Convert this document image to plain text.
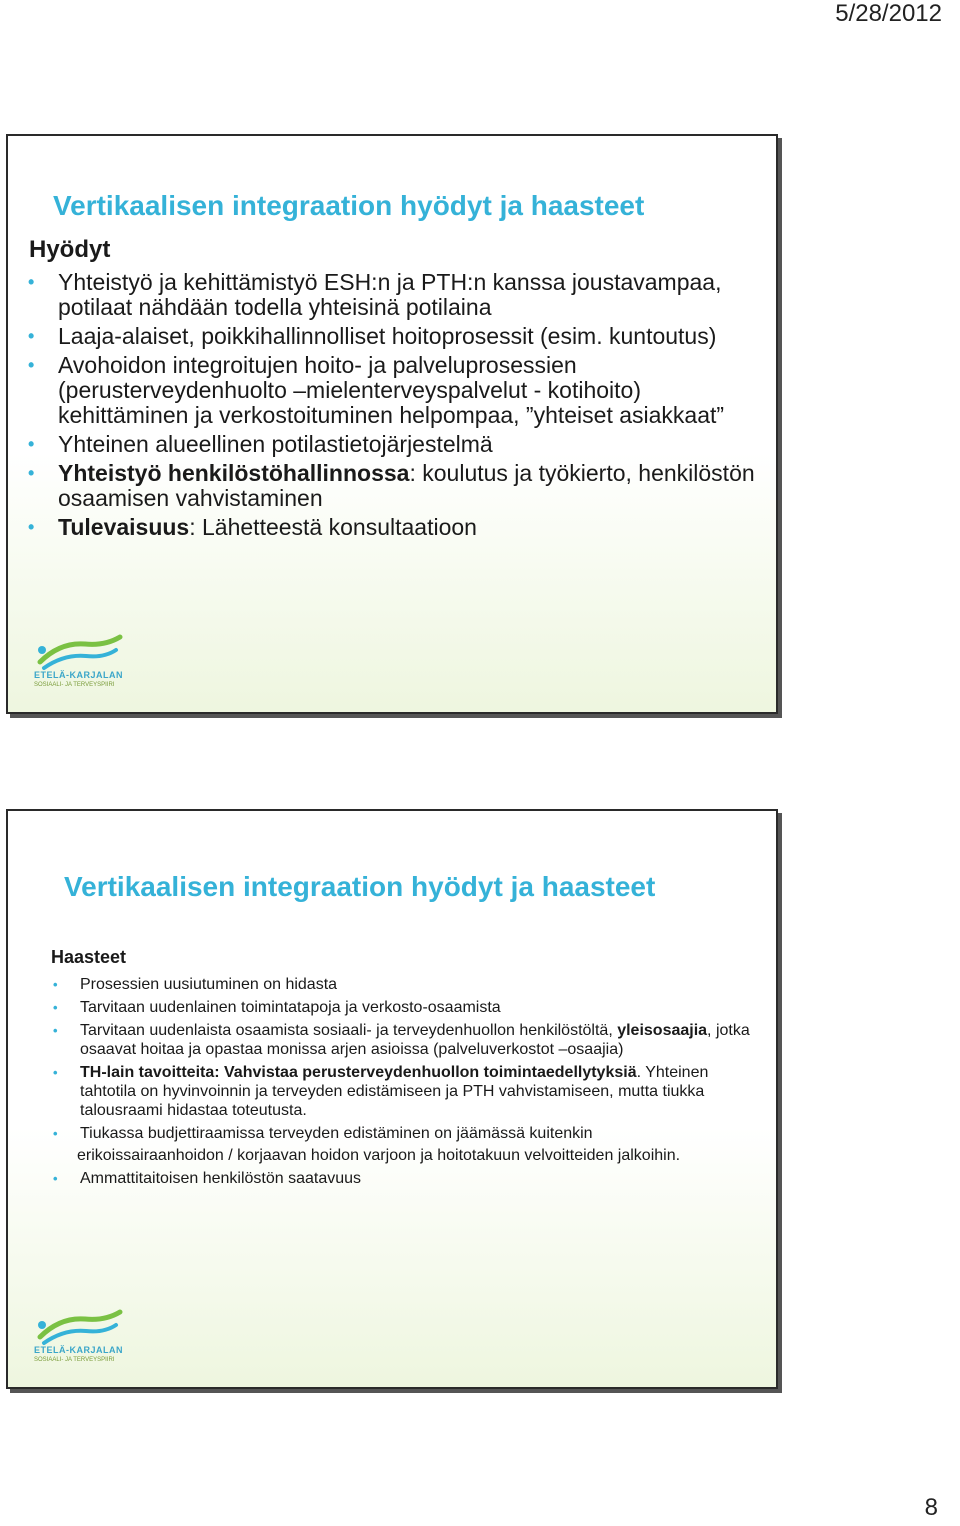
5/28/2012
Vertikaalisen integraation hyödyt ja haasteet
Hyödyt
• Yhteistyö ja kehittämistyö ESH:n ja PTH:n kanssa joustavampaa, potilaat nähdään todella yhteisinä potilaina
• Laaja-alaiset, poikkihallinnolliset hoitoprosessit (esim. kuntoutus)
• Avohoidon integroitujen hoito- ja palveluprosessien (perusterveydenhuolto –mielenterveyspalvelut - kotihoito) kehittäminen ja verkostoituminen helpompaa, ”yhteiset asiakkaat”
• Yhteinen alueellinen potilastietojärjestelmä
• Yhteistyö henkilöstöhallinnossa: koulutus ja työkierto, henkilöstön osaamisen vahvistaminen
• Tulevaisuus: Lähetteestä konsultaatioon
ETELÄ-KARJALAN
SOSIAALI- JA TERVEYSPIIRI
Vertikaalisen integraation hyödyt ja haasteet
Haasteet
• Prosessien uusiutuminen on hidasta
• Tarvitaan uudenlainen toimintatapoja ja verkosto-osaamista
• Tarvitaan uudenlaista osaamista sosiaali- ja terveydenhuollon henkilöstöltä, yleisosaajia, jotka osaavat hoitaa ja opastaa monissa arjen asioissa (palveluverkostot –osaajia)
• TH-lain tavoitteita: Vahvistaa perusterveydenhuollon toimintaedellytyksiä. Yhteinen tahtotila on hyvinvoinnin ja terveyden edistämiseen ja PTH vahvistamiseen, mutta tiukka talousraami hidastaa toteutusta.
• Tiukassa budjettiraamissa terveyden edistäminen on jäämässä kuitenkin
erikoissairaanhoidon / korjaavan hoidon varjoon ja hoitotakuun velvoitteiden jalkoihin.
• Ammattitaitoisen henkilöstön saatavuus
ETELÄ-KARJALAN
SOSIAALI- JA TERVEYSPIIRI
8
